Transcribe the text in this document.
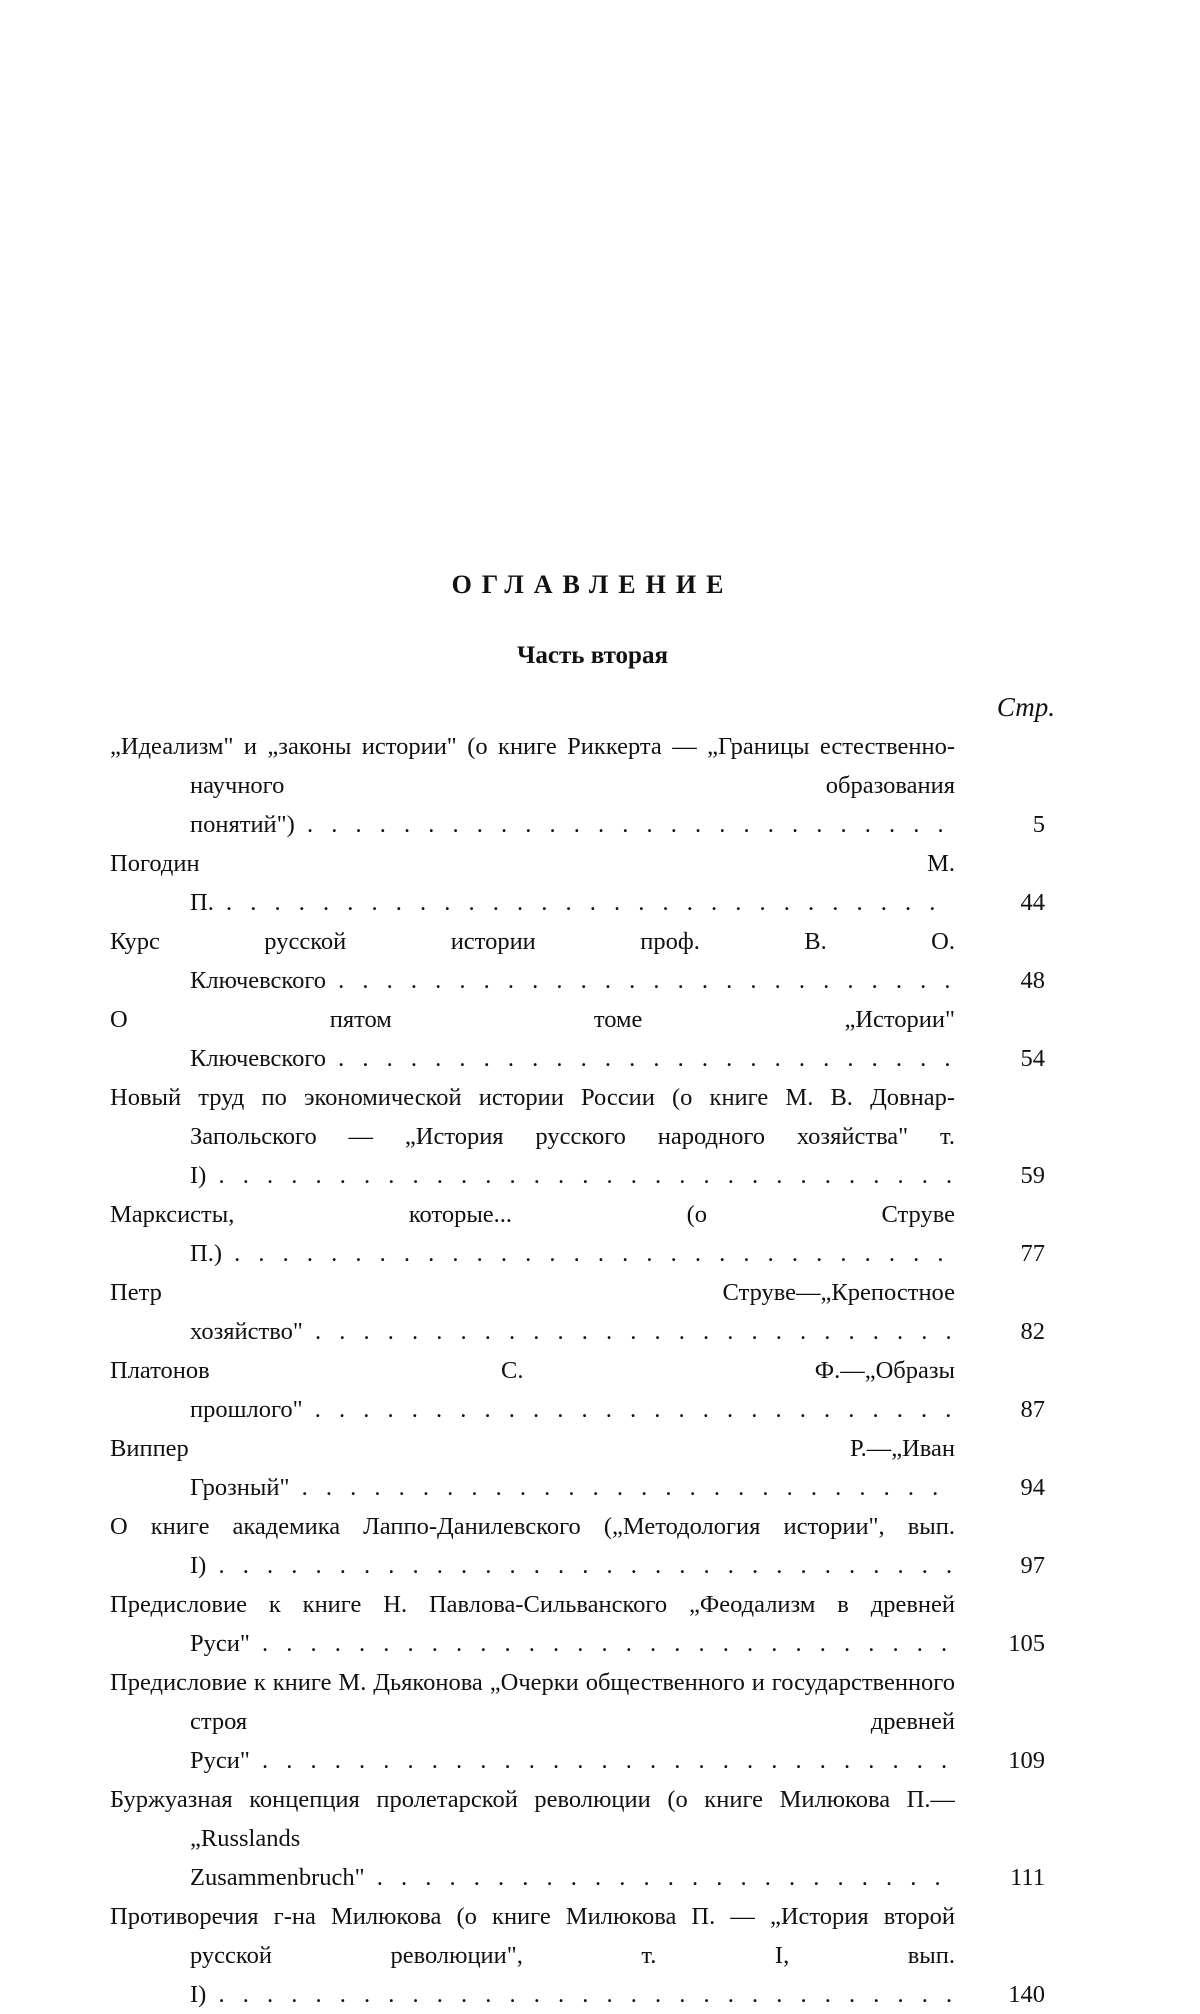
ОГЛАВЛЕНИЕ
Часть вторая
Стр.
„Идеализм" и „законы истории" (о книге Риккерта — „Границы естественно-научного образования понятий") . . .	5
Погодин М. П. . . .	44
Курс русской истории проф. В. О. Ключевского . . .	48
О пятом томе „Истории" Ключевского . . .	54
Новый труд по экономической истории России (о книге М. В. Довнар-Запольского — „История русского народного хозяйства" т. I) . . .	59
Марксисты, которые... (о Струве П.) . . .	77
Петр Струве—„Крепостное хозяйство" . . .	82
Платонов С. Ф.—„Образы прошлого" . . .	87
Виппер Р.—„Иван Грозный" . . .	94
О книге академика Лаппо-Данилевского („Методология истории", вып. I) . . .	97
Предисловие к книге Н. Павлова-Сильванского „Феодализм в древней Руси" . . .	105
Предисловие к книге М. Дьяконова „Очерки общественного и государственного строя древней Руси" . . .	109
Буржуазная концепция пролетарской революции (о книге Милюкова П.—„Russlands Zusammenbruch" . . .	111
Противоречия г-на Милюкова (о книге Милюкова П. — „История второй русской революции", т. I, вып. I) . . .	140
